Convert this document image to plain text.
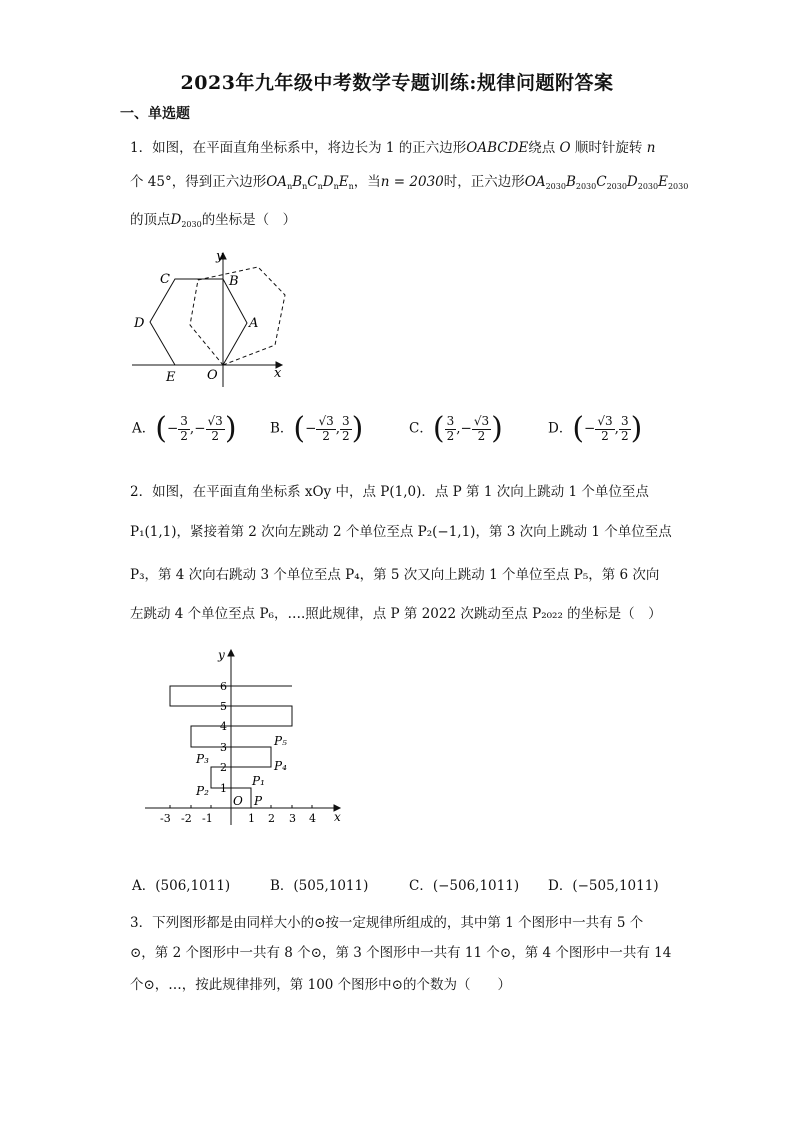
2023年九年级中考数学专题训练:规律问题附答案
一、单选题
1．如图，在平面直角坐标系中，将边长为 1 的正六边形OABCDE绕点 O 顺时针旋转 n
个 45°，得到正六边形$OA_nB_nC_nD_nE_n$，当n = 2030时，正六边形$OA_{2030}B_{2030}C_{2030}D_{2030}E_{2030}$
的顶点$D_{2030}$的坐标是（　）
y
x
C	B
D	A
E O
A．(− $\frac{3}{2}$ ,− $\frac{√3}{2}$ ) B．(− $\frac{√3}{2}$ , $\frac{3}{2}$ )	C．( $\frac{3}{2}$ ,− $\frac{√3}{2}$ )	D．(− $\frac{√3}{2}$ , $\frac{3}{2}$ )
2．如图，在平面直角坐标系 xOy 中，点 P(1,0)．点 P 第 1 次向上跳动 1 个单位至点
P₁(1,1)，紧接着第 2 次向左跳动 2 个单位至点 P₂(−1,1)，第 3 次向上跳动 1 个单位至点
P₃，第 4 次向右跳动 3 个单位至点 P₄，第 5 次又向上跳动 1 个单位至点 P₅，第 6 次向
左跳动 4 个单位至点 P₆，….照此规律，点 P 第 2022 次跳动至点 P₂₀₂₂ 的坐标是（　）
-3 -2 -1	1 2 3 4
1
2
3
4
5
6
y
x
O P
P₁
P₂
P₃	P₄
P₅
A．(506,1011)	B．(505,1011)	C．(−506,1011) D．(−505,1011)
3．下列图形都是由同样大小的⊙按一定规律所组成的，其中第 1 个图形中一共有 5 个
⊙，第 2 个图形中一共有 8 个⊙，第 3 个图形中一共有 11 个⊙，第 4 个图形中一共有 14
个⊙，…，按此规律排列，第 100 个图形中⊙的个数为（　　）
